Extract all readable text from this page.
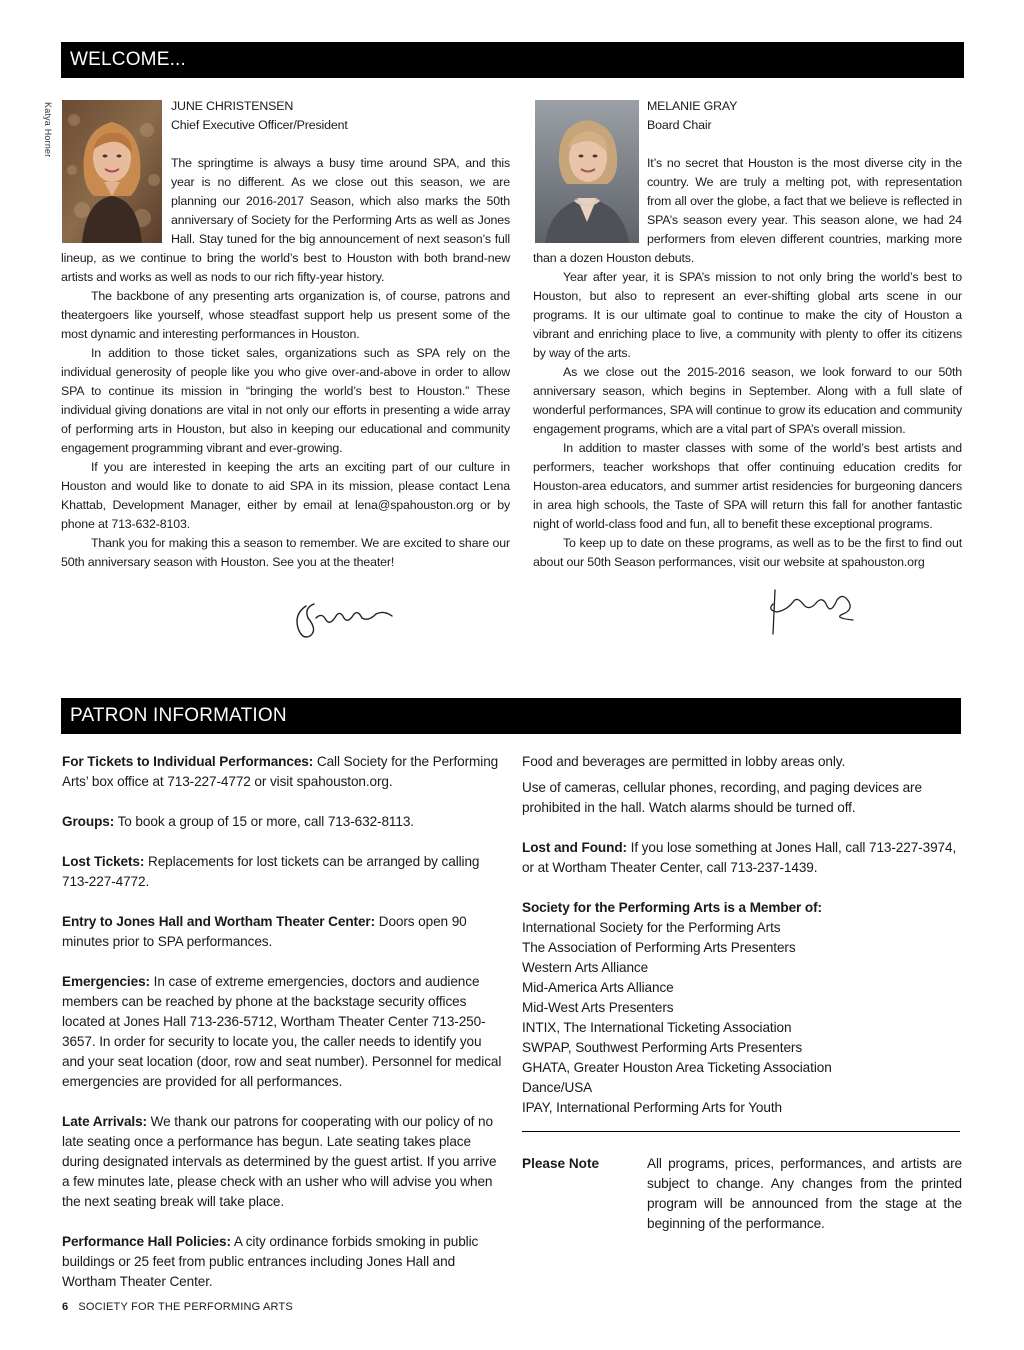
WELCOME...
Katya Horner	JUNE CHRISTENSEN

Chief Executive Officer/President

The springtime is always a busy time around SPA, and this year is no different. As we close out this season, we are planning our 2016-2017 Season, which also marks the 50th anniversary of Society for the Performing Arts as well as Jones Hall. Stay tuned for the big announcement of next season’s full lineup, as we continue to bring the world’s best to Houston with both brand-new artists and works as well as nods to our rich fifty-year history.

The backbone of any presenting arts organization is, of course, patrons and theatergoers like yourself, whose steadfast support help us present some of the most dynamic and interesting performances in Houston.

In addition to those ticket sales, organizations such as SPA rely on the individual generosity of people like you who give over-and-above in order to allow SPA to continue its mission in “bringing the world’s best to Houston.” These individual giving donations are vital in not only our efforts in presenting a wide array of performing arts in Houston, but also in keeping our educational and community engagement programming vibrant and ever-growing.

If you are interested in keeping the arts an exciting part of our culture in Houston and would like to donate to aid SPA in its mission, please contact Lena Khattab, Development Manager, either by email at lena@spahouston.org or by phone at 713-632-8103.

Thank you for making this a season to remember. We are excited to share our 50th anniversary season with Houston. See you at the theater!

MELANIE GRAY

Board Chair

It’s no secret that Houston is the most diverse city in the country. We are truly a melting pot, with representation from all over the globe, a fact that we believe is reflected in SPA’s season every year. This season alone, we had 24 performers from eleven different countries, marking more than a dozen Houston debuts.

Year after year, it is SPA’s mission to not only bring the world’s best to Houston, but also to represent an ever-shifting global arts scene in our programs. It is our ultimate goal to continue to make the city of Houston a vibrant and enriching place to live, a community with plenty to offer its citizens by way of the arts.

As we close out the 2015-2016 season, we look forward to our 50th anniversary season, which begins in September. Along with a full slate of wonderful performances, SPA will continue to grow its education and community engagement programs, which are a vital part of SPA’s overall mission.

In addition to master classes with some of the world’s best artists and performers, teacher workshops that offer continuing education credits for Houston-area educators, and summer artist residencies for burgeoning dancers in area high schools, the Taste of SPA will return this fall for another fantastic night of world-class food and fun, all to benefit these exceptional programs.

To keep up to date on these programs, as well as to be the first to find out about our 50th Season performances, visit our website at spahouston.org

PATRON INFORMATION

For Tickets to Individual Performances: Call Society for the Performing Arts’ box office at 713-227-4772 or visit spahouston.org.

Groups: To book a group of 15 or more, call 713-632-8113.

Lost Tickets: Replacements for lost tickets can be arranged by calling 713-227-4772.

Entry to Jones Hall and Wortham Theater Center: Doors open 90 minutes prior to SPA performances.

Emergencies: In case of extreme emergencies, doctors and audience members can be reached by phone at the backstage security offices located at Jones Hall 713-236-5712, Wortham Theater Center 713-250-3657. In order for security to locate you, the caller needs to identify you and your seat location (door, row and seat number). Personnel for medical emergencies are provided for all performances.

Late Arrivals: We thank our patrons for cooperating with our policy of no late seating once a performance has begun. Late seating takes place during designated intervals as determined by the guest artist. If you arrive a few minutes late, please check with an usher who will advise you when the next seating break will take place.

Performance Hall Policies: A city ordinance forbids smoking in public buildings or 25 feet from public entrances including Jones Hall and Wortham Theater Center.

Food and beverages are permitted in lobby areas only.

Use of cameras, cellular phones, recording, and paging devices are prohibited in the hall. Watch alarms should be turned off.

Lost and Found: If you lose something at Jones Hall, call 713-227-3974, or at Wortham Theater Center, call 713-237-1439.

Society for the Performing Arts is a Member of:

International Society for the Performing Arts
The Association of Performing Arts Presenters
Western Arts Alliance
Mid-America Arts Alliance
Mid-West Arts Presenters
INTIX, The International Ticketing Association
SWPAP, Southwest Performing Arts Presenters
GHATA, Greater Houston Area Ticketing Association
Dance/USA
IPAY, International Performing Arts for Youth
Please Note	All programs, prices, performances, and artists are subject to change. Any changes from the printed program will be announced from the stage at the beginning of the performance.
6 SOCIETY FOR THE PERFORMING ARTS
